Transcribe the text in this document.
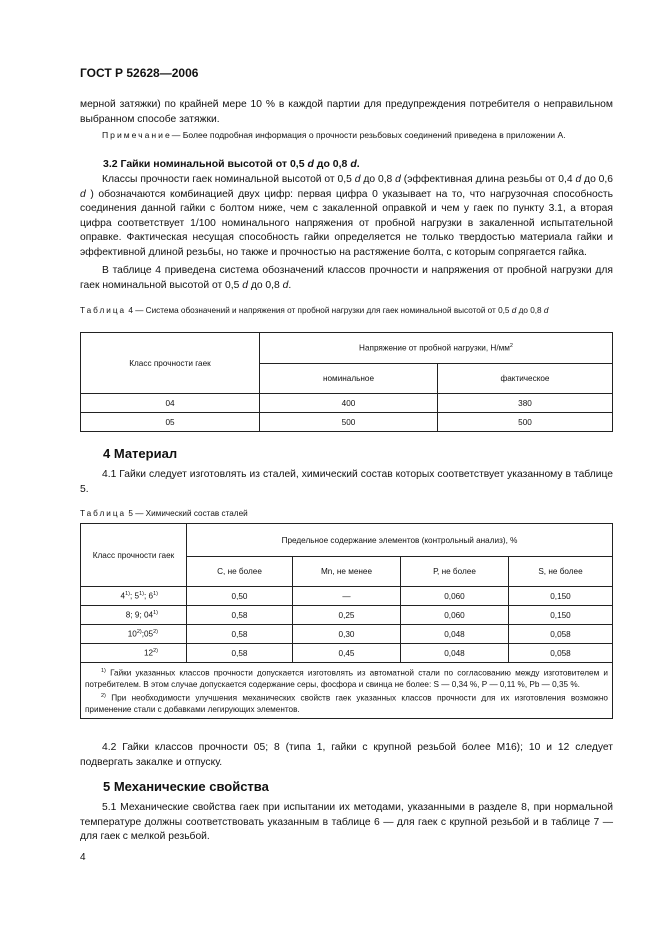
ГОСТ Р 52628—2006
мерной затяжки) по крайней мере 10 % в каждой партии для предупреждения потребителя о неправильном выбранном способе затяжки.
Примечание— Более подробная информация о прочности резьбовых соединений приведена в приложении А.
3.2 Гайки номинальной высотой от 0,5 d до 0,8 d.
Классы прочности гаек номинальной высотой от 0,5 d до 0,8 d (эффективная длина резьбы от 0,4 d до 0,6 d ) обозначаются комбинацией двух цифр: первая цифра 0 указывает на то, что нагрузочная способность соединения данной гайки с болтом ниже, чем с закаленной оправкой и чем у гаек по пункту 3.1, а вторая цифра соответствует 1/100 номинального напряжения от пробной нагрузки в закаленной испытательной оправке. Фактическая несущая способность гайки определяется не только твердостью материала гайки и эффективной длиной резьбы, но также и прочностью на растяжение болта, с которым сопрягается гайка.
В таблице 4 приведена система обозначений классов прочности и напряжения от пробной нагрузки для гаек номинальной высотой от 0,5 d до 0,8 d.
Таблица 4 — Система обозначений и напряжения от пробной нагрузки для гаек номинальной высотой от 0,5 d до 0,8 d
Класс прочности гаек	Напряжение от пробной нагрузки, $Н/мм^2$
	номинальное	фактическое
04	400	380
05	500	500
4 Материал
4.1 Гайки следует изготовлять из сталей, химический состав которых соответствует указанному в таблице 5.
Таблица 5 — Химический состав сталей
Класс прочности гаек	Предельное содержание элементов (контрольный анализ), %			
	С, не более	Mn, не менее	Р, не более	S, не более
4$^{1)}$; 5$^{1)}$; 6$^{1)}$	0,50	—	0,060	0,150
8; 9; 04$^{1)}$	0,58	0,25	0,060	0,150
10$^{2)}$;05$^{2)}$	0,58	0,30	0,048	0,058
12$^{2)}$	0,58	0,45	0,048	0,058

$^{1)}$ Гайки указанных классов прочности допускается изготовлять из автоматной стали по согласованию между изготовителем и потребителем. В этом случае допускается содержание серы, фосфора и свинца не более: S — 0,34 %, Р — 0,11 %, Pb — 0,35 %.
$^{2)}$ При необходимости улучшения механических свойств гаек указанных классов прочности для их изготовления возможно применение стали с добавками легирующих элементов.				
4.2 Гайки классов прочности 05; 8 (типа 1, гайки с крупной резьбой более М16); 10 и 12 следует подвергать закалке и отпуску.
5 Механические свойства
5.1 Механические свойства гаек при испытании их методами, указанными в разделе 8, при нормальной температуре должны соответствовать указанным в таблице 6 — для гаек с крупной резьбой и в таблице 7 — для гаек с мелкой резьбой.
4
